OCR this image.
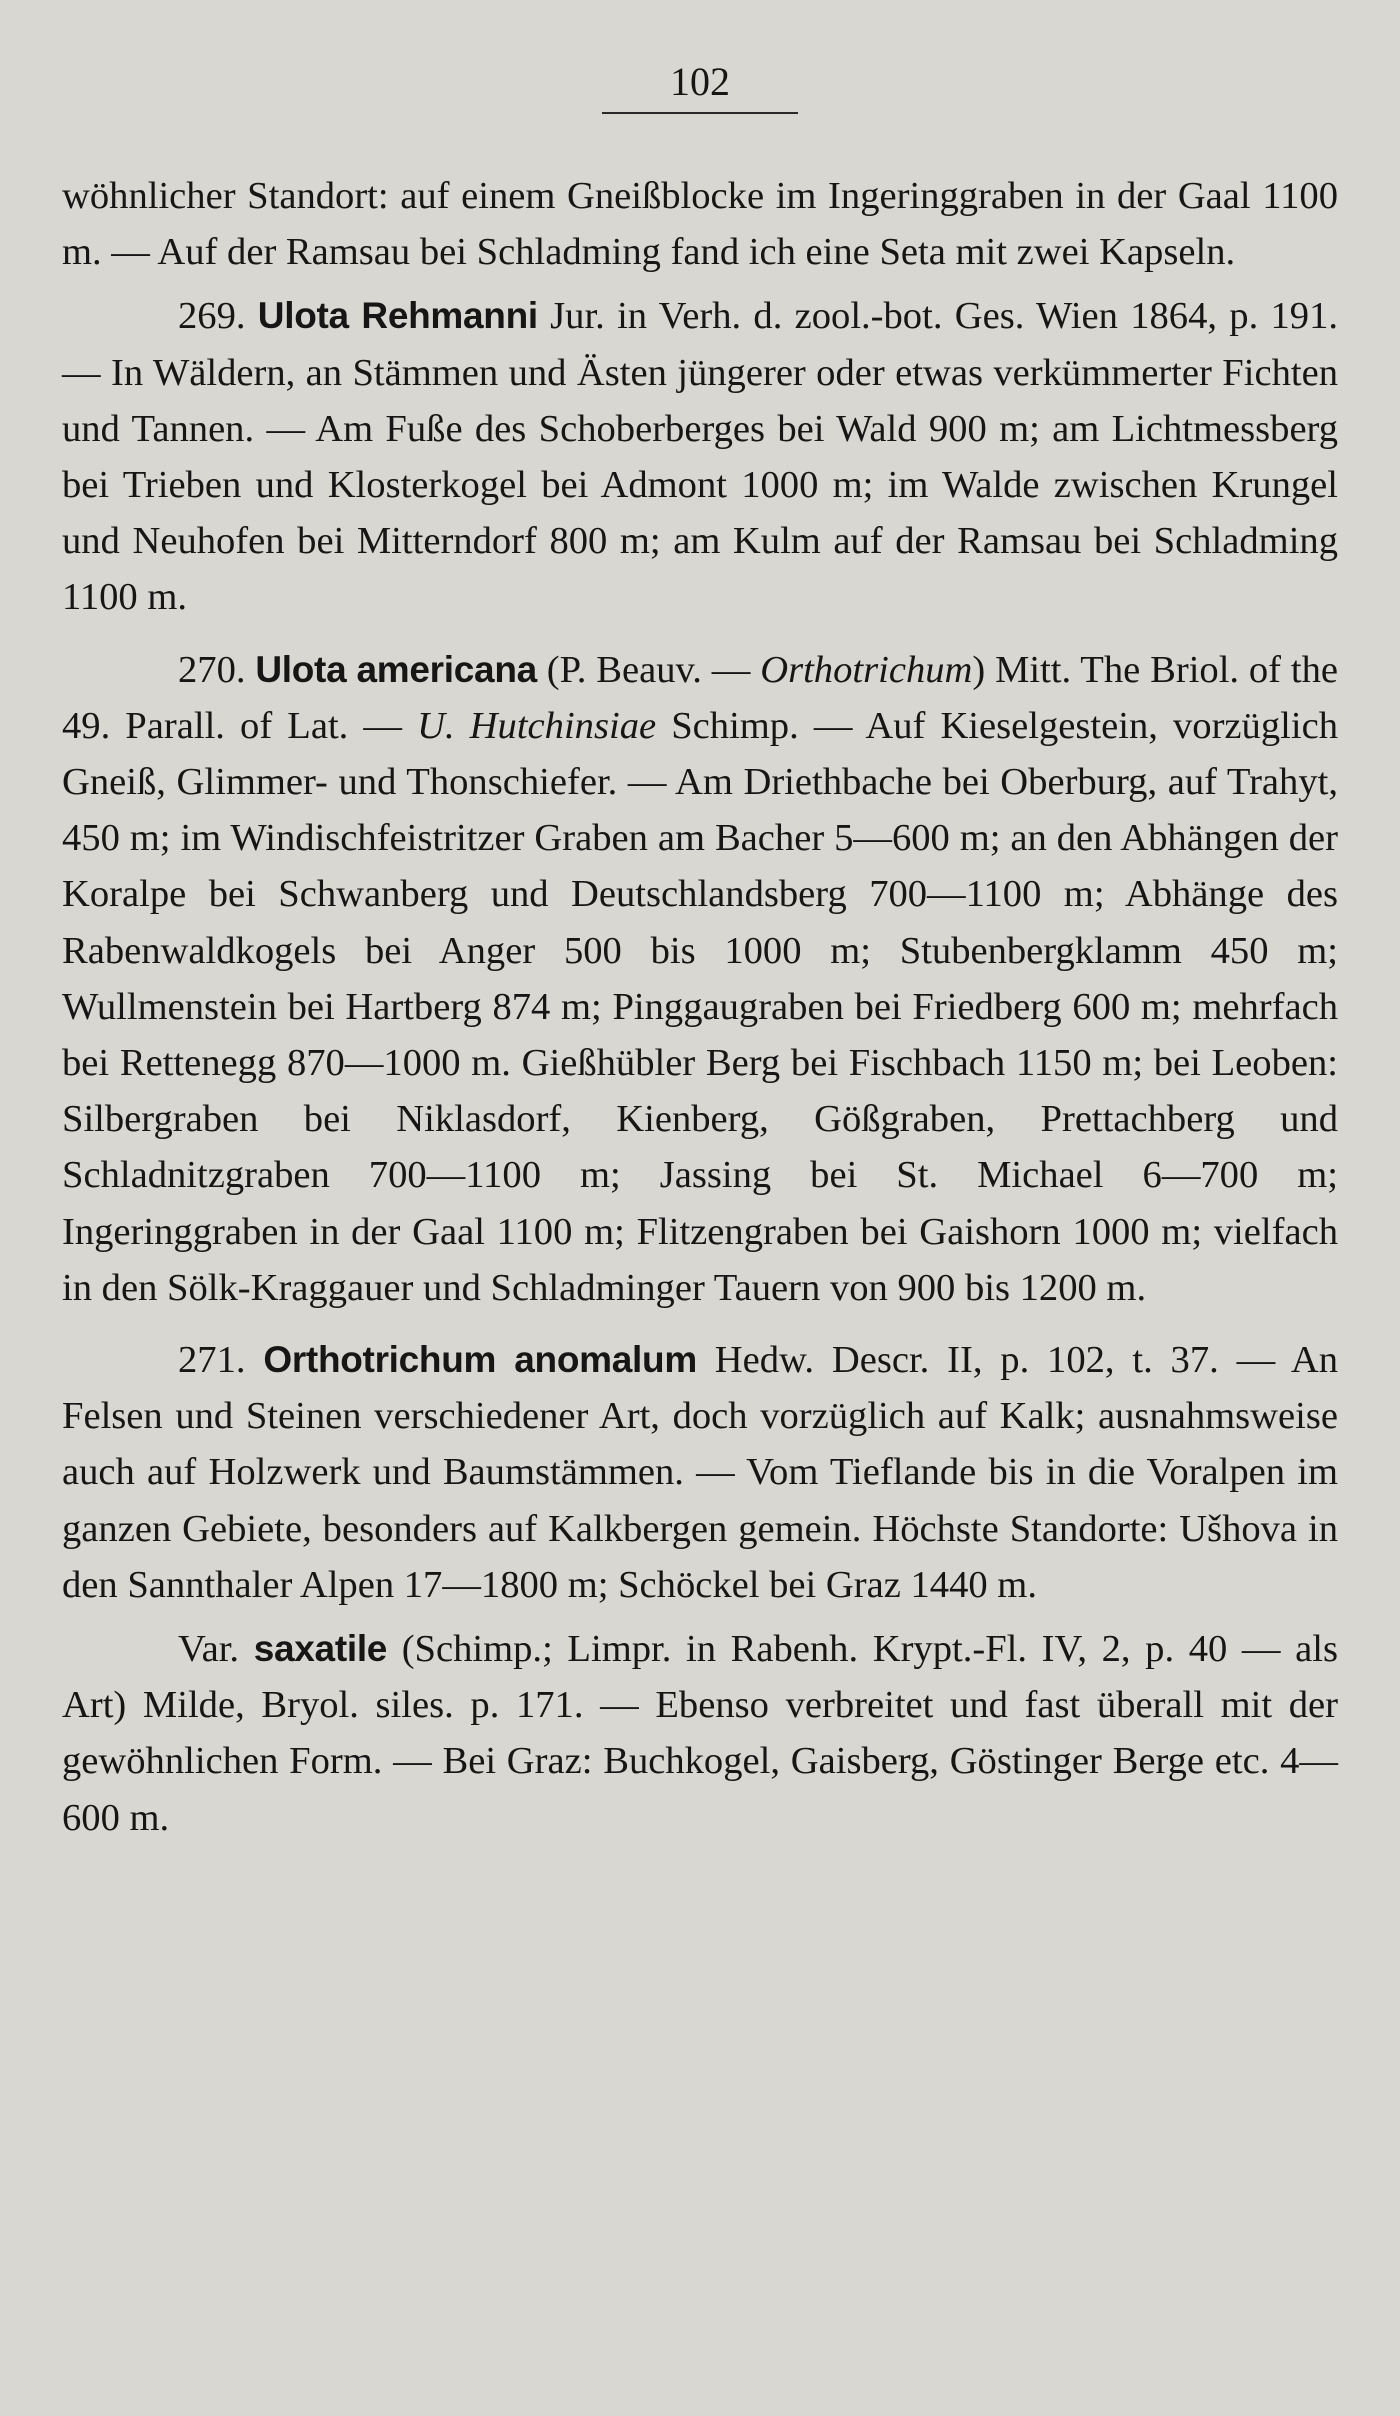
102

wöhnlicher Standort: auf einem Gneißblocke im Ingeringgraben in der Gaal 1100 m. — Auf der Ramsau bei Schladming fand ich eine Seta mit zwei Kapseln.

269. Ulota Rehmanni Jur. in Verh. d. zool.-bot. Ges. Wien 1864, p. 191. — In Wäldern, an Stämmen und Ästen jüngerer oder etwas verkümmerter Fichten und Tannen. — Am Fuße des Schoberberges bei Wald 900 m; am Lichtmessberg bei Trieben und Klosterkogel bei Admont 1000 m; im Walde zwischen Krungel und Neuhofen bei Mitterndorf 800 m; am Kulm auf der Ramsau bei Schladming 1100 m.

270. Ulota americana (P. Beauv. — Orthotrichum) Mitt. The Briol. of the 49. Parall. of Lat. — U. Hutchinsiae Schimp. — Auf Kieselgestein, vorzüglich Gneiß, Glimmer- und Thonschiefer. — Am Driethbache bei Oberburg, auf Trahyt, 450 m; im Windischfeistritzer Graben am Bacher 5—600 m; an den Abhängen der Koralpe bei Schwanberg und Deutschlandsberg 700—1100 m; Abhänge des Rabenwaldkogels bei Anger 500 bis 1000 m; Stubenbergklamm 450 m; Wullmenstein bei Hartberg 874 m; Pinggaugraben bei Friedberg 600 m; mehrfach bei Rettenegg 870—1000 m. Gießhübler Berg bei Fischbach 1150 m; bei Leoben: Silbergraben bei Niklasdorf, Kienberg, Gößgraben, Prettachberg und Schladnitzgraben 700—1100 m; Jassing bei St. Michael 6—700 m; Ingeringgraben in der Gaal 1100 m; Flitzengraben bei Gaishorn 1000 m; vielfach in den Sölk-Kraggauer und Schladminger Tauern von 900 bis 1200 m.

271. Orthotrichum anomalum Hedw. Descr. II, p. 102, t. 37. — An Felsen und Steinen verschiedener Art, doch vorzüglich auf Kalk; ausnahmsweise auch auf Holzwerk und Baumstämmen. — Vom Tieflande bis in die Voralpen im ganzen Gebiete, besonders auf Kalkbergen gemein. Höchste Standorte: Ušhova in den Sannthaler Alpen 17—1800 m; Schöckel bei Graz 1440 m.

Var. saxatile (Schimp.; Limpr. in Rabenh. Krypt.-Fl. IV, 2, p. 40 — als Art) Milde, Bryol. siles. p. 171. — Ebenso verbreitet und fast überall mit der gewöhnlichen Form. — Bei Graz: Buchkogel, Gaisberg, Göstinger Berge etc. 4—600 m.
